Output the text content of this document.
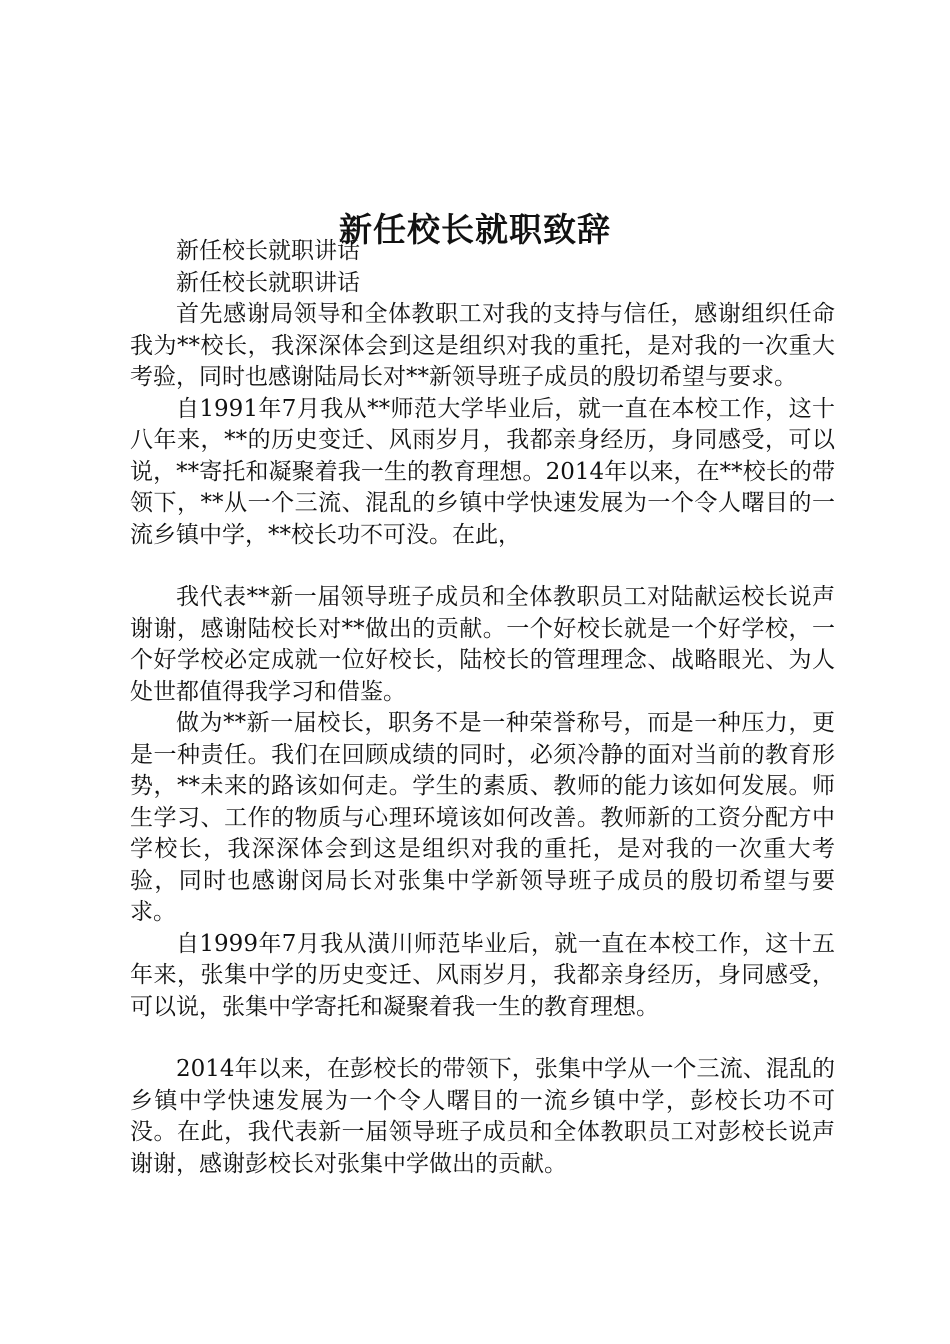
新任校长就职致辞

新任校长就职讲话

新任校长就职讲话

首先感谢局领导和全体教职工对我的支持与信任，感谢组织任命我为**校长，我深深体会到这是组织对我的重托，是对我的一次重大考验，同时也感谢陆局长对**新领导班子成员的殷切希望与要求。

自1991年7月我从**师范大学毕业后，就一直在本校工作，这十八年来，**的历史变迁、风雨岁月，我都亲身经历，身同感受，可以说，**寄托和凝聚着我一生的教育理想。2014年以来，在**校长的带领下，**从一个三流、混乱的乡镇中学快速发展为一个令人曙目的一流乡镇中学，**校长功不可没。在此，

我代表**新一届领导班子成员和全体教职员工对陆献运校长说声谢谢，感谢陆校长对**做出的贡献。一个好校长就是一个好学校，一个好学校必定成就一位好校长，陆校长的管理理念、战略眼光、为人处世都值得我学习和借鉴。

做为**新一届校长，职务不是一种荣誉称号，而是一种压力，更是一种责任。我们在回顾成绩的同时，必须冷静的面对当前的教育形势，**未来的路该如何走。学生的素质、教师的能力该如何发展。师生学习、工作的物质与心理环境该如何改善。教师新的工资分配方中学校长，我深深体会到这是组织对我的重托，是对我的一次重大考验，同时也感谢闵局长对张集中学新领导班子成员的殷切希望与要求。

自1999年7月我从潢川师范毕业后，就一直在本校工作，这十五年来，张集中学的历史变迁、风雨岁月，我都亲身经历，身同感受，可以说，张集中学寄托和凝聚着我一生的教育理想。

2014年以来，在彭校长的带领下，张集中学从一个三流、混乱的乡镇中学快速发展为一个令人曙目的一流乡镇中学，彭校长功不可没。在此，我代表新一届领导班子成员和全体教职员工对彭校长说声谢谢，感谢彭校长对张集中学做出的贡献。
